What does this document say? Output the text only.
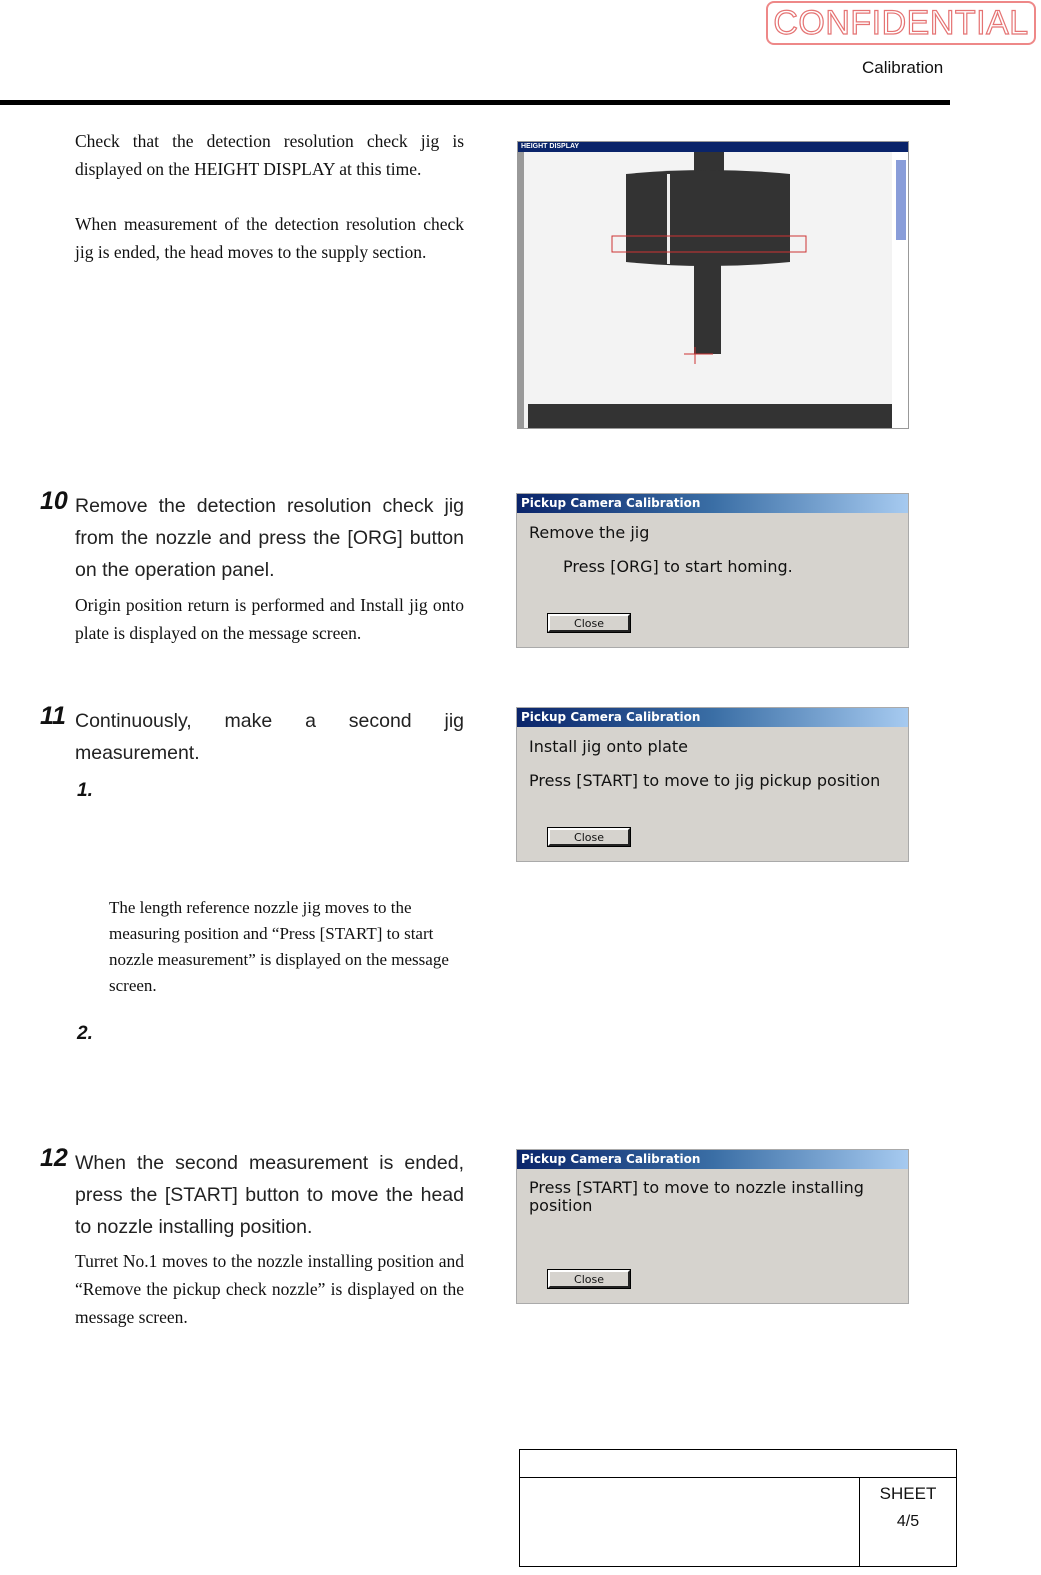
CONFIDENTIAL
Calibration
Check that the detection resolution check jig is displayed on the HEIGHT DISPLAY at this time.
When measurement of the detection resolution check jig is ended, the head moves to the supply section.
HEIGHT DISPLAY
10 Remove the detection resolution check jig from the nozzle and press the [ORG] button on the operation panel.
Origin position return is performed and Install jig onto plate is displayed on the message screen.
Pickup Camera Calibration
Remove the jig
Press [ORG] to start homing.
Close
11 Continuously, make a second jig measurement.
1.
The length reference nozzle jig moves to the measuring position and “Press [START] to start nozzle measurement” is displayed on the message screen.
2.
Pickup Camera Calibration
Install jig onto plate
Press [START] to move to jig pickup position
Close
12 When the second measurement is ended, press the [START] button to move the head to nozzle installing position.
Turret No.1 moves to the nozzle installing position and “Remove the pickup check nozzle” is displayed on the message screen.
Pickup Camera Calibration
Press [START] to move to nozzle installing position
Close
SHEET
4/5
